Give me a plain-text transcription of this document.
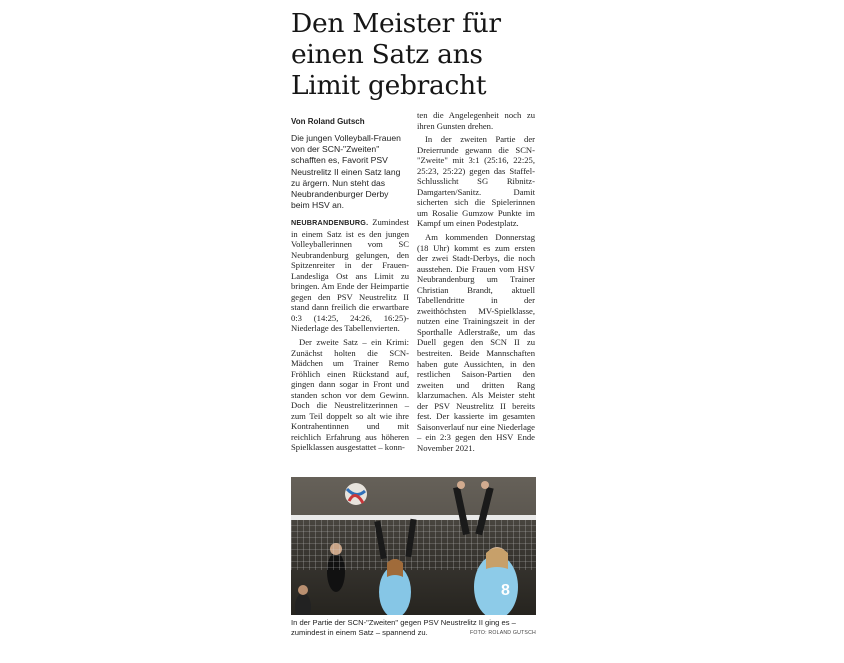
Den Meister für einen Satz ans Limit gebracht
Von Roland Gutsch

Die jungen Volleyball-Frauen von der SCN-"Zweiten" schafften es, Favorit PSV Neustrelitz II einen Satz lang zu ärgern. Nun steht das Neubrandenburger Derby beim HSV an.

NEUBRANDENBURG. Zumindest in einem Satz ist es den jungen Volleyballerinnen vom SC Neubrandenburg gelungen, den Spitzenreiter in der Frauen-Landesliga Ost ans Limit zu bringen. Am Ende der Heimpartie gegen den PSV Neustrelitz II stand dann freilich die erwartbare 0:3 (14:25, 24:26, 16:25)-Niederlage des Tabellenvierten.

Der zweite Satz – ein Krimi: Zunächst holten die SCN-Mädchen um Trainer Remo Fröhlich einen Rückstand auf, gingen dann sogar in Front und standen schon vor dem Gewinn. Doch die Neustrelitzerinnen – zum Teil doppelt so alt wie ihre Kontrahentinnen und mit reichlich Erfahrung aus höheren Spielklassen ausgestattet – konn-

ten die Angelegenheit noch zu ihren Gunsten drehen.

In der zweiten Partie der Dreierrunde gewann die SCN-"Zweite" mit 3:1 (25:16, 22:25, 25:23, 25:22) gegen das Staffel-Schlusslicht SG Ribnitz-Damgarten/Sanitz. Damit sicherten sich die Spielerinnen um Rosalie Gumzow Punkte im Kampf um einen Podestplatz.

Am kommenden Donnerstag (18 Uhr) kommt es zum ersten der zwei Stadt-Derbys, die noch ausstehen. Die Frauen vom HSV Neubrandenburg um Trainer Christian Brandt, aktuell Tabellendritte in der zweithöchsten MV-Spielklasse, nutzen eine Trainingszeit in der Sporthalle Adlerstraße, um das Duell gegen den SCN II zu bestreiten. Beide Mannschaften haben gute Aussichten, in den restlichen Saison-Partien den zweiten und dritten Rang klarzumachen. Als Meister steht der PSV Neustrelitz II bereits fest. Der kassierte im gesamten Saisonverlauf nur eine Niederlage – ein 2:3 gegen den HSV Ende November 2021.

8
In der Partie der SCN-"Zweiten" gegen PSV Neustrelitz II ging es – zumindest in einem Satz – spannend zu.	FOTO: ROLAND GUTSCH
